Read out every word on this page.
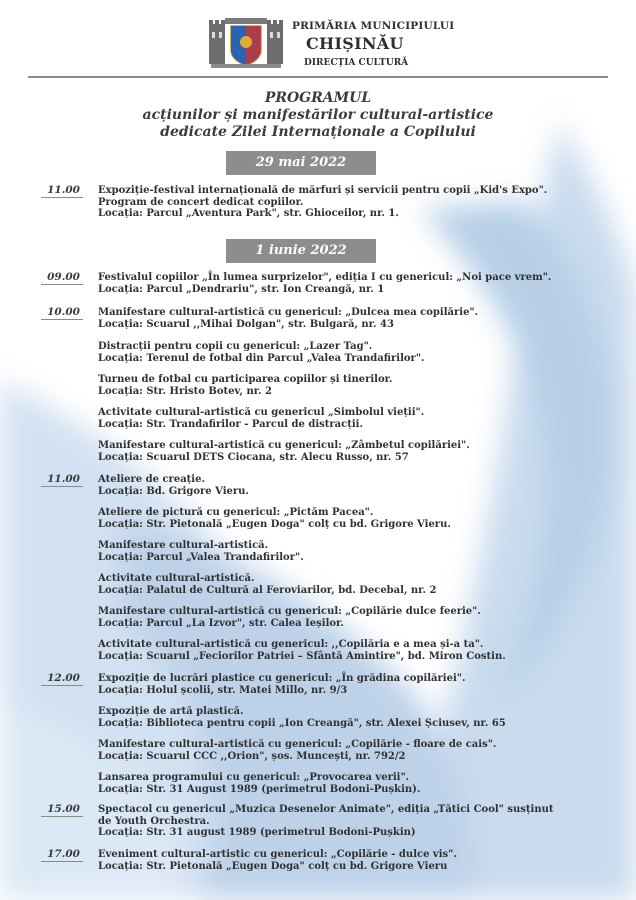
PRIMĂRIA MUNICIPIULUI
CHIȘINĂU
DIRECȚIA CULTURĂ
PROGRAMUL
acțiunilor și manifestărilor cultural-artistice
dedicate Zilei Internaționale a Copilului
29 mai 2022
1 iunie 2022
11.00 Expoziție-festival internațională de mărfuri și servicii pentru copii „Kid's Expo".
Program de concert dedicat copiilor.
Locația: Parcul „Aventura Park", str. Ghioceilor, nr. 1.
09.00 Festivalul copiilor „În lumea surprizelor", ediția I cu genericul: „Noi pace vrem".
Locația: Parcul „Dendrariu", str. Ion Creangă, nr. 1
10.00 Manifestare cultural-artistică cu genericul: „Dulcea mea copilărie".
Locația: Scuarul ,,Mihai Dolgan", str. Bulgară, nr. 43
Distracții pentru copii cu genericul: „Lazer Tag".
Locația: Terenul de fotbal din Parcul „Valea Trandafirilor".
Turneu de fotbal cu participarea copiilor și tinerilor.
Locația: Str. Hristo Botev, nr. 2
Activitate cultural-artistică cu genericul „Simbolul vieții".
Locația: Str. Trandafirilor - Parcul de distracții.
Manifestare cultural-artistică cu genericul: „Zâmbetul copilăriei".
Locația: Scuarul DETS Ciocana, str. Alecu Russo, nr. 57
11.00 Ateliere de creație.
Locația: Bd. Grigore Vieru.
Ateliere de pictură cu genericul: „Pictăm Pacea".
Locația: Str. Pietonală „Eugen Doga" colț cu bd. Grigore Vieru.
Manifestare cultural-artistică.
Locația: Parcul „Valea Trandafirilor".
Activitate cultural-artistică.
Locația: Palatul de Cultură al Feroviarilor, bd. Decebal, nr. 2
Manifestare cultural-artistică cu genericul: „Copilărie dulce feerie".
Locația: Parcul „La Izvor", str. Calea Ieșilor.
Activitate cultural-artistică cu genericul: ,,Copilăria e a mea și-a ta".
Locația: Scuarul „Feciorilor Patriei – Sfântă Amintire", bd. Miron Costin.
12.00 Expoziție de lucrări plastice cu genericul: „În grădina copilăriei".
Locația: Holul școlii, str. Matei Millo, nr. 9/3
Expoziție de artă plastică.
Locația: Biblioteca pentru copii „Ion Creangă", str. Alexei Șciusev, nr. 65
Manifestare cultural-artistică cu genericul: „Copilărie - floare de cais".
Locația: Scuarul CCC ,,Orion", șos. Muncești, nr. 792/2
Lansarea programului cu genericul: „Provocarea verii".
Locația: Str. 31 August 1989 (perimetrul Bodoni-Pușkin).
15.00 Spectacol cu genericul „Muzica Desenelor Animate", ediția „Tătici Cool" susținut
de Youth Orchestra.
Locația: Str. 31 august 1989 (perimetrul Bodoni-Pușkin)
17.00 Eveniment cultural-artistic cu genericul: „Copilărie - dulce vis".
Locația: Str. Pietonală „Eugen Doga" colț cu bd. Grigore Vieru
